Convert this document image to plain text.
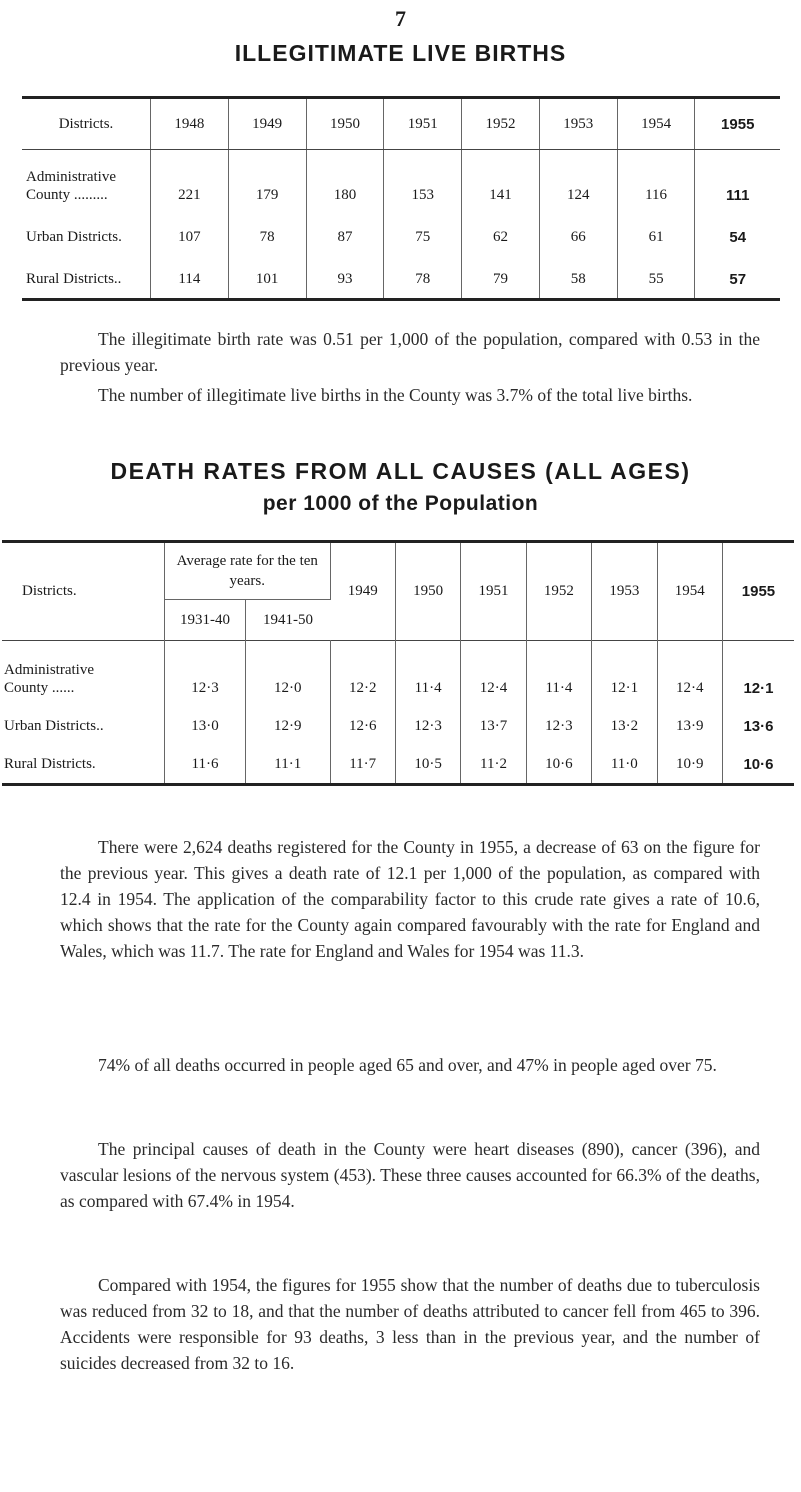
7
ILLEGITIMATE LIVE BIRTHS
Districts.	1948	1949	1950	1951	1952	1953	1954	1955
Administrative
County .........	221	179	180	153	141	124	116	111
Urban Districts.	107	78	87	75	62	66	61	54
Rural Districts..	114	101	93	78	79	58	55	57
The illegitimate birth rate was 0.51 per 1,000 of the population, compared with 0.53 in the previous year.
The number of illegitimate live births in the County was 3.7% of the total live births.
DEATH RATES FROM ALL CAUSES (ALL AGES)
per 1000 of the Population
Districts.	Average rate for the ten years.		1949	1950	1951	1952	1953	1954	1955
	1931-40	1941-50							
Administrative
County ......	12·3	12·0	12·2	11·4	12·4	11·4	12·1	12·4	12·1
Urban Districts..	13·0	12·9	12·6	12·3	13·7	12·3	13·2	13·9	13·6
Rural Districts.	11·6	11·1	11·7	10·5	11·2	10·6	11·0	10·9	10·6
There were 2,624 deaths registered for the County in 1955, a decrease of 63 on the figure for the previous year. This gives a death rate of 12.1 per 1,000 of the population, as compared with 12.4 in 1954. The application of the comparability factor to this crude rate gives a rate of 10.6, which shows that the rate for the County again compared favourably with the rate for England and Wales, which was 11.7. The rate for England and Wales for 1954 was 11.3.
74% of all deaths occurred in people aged 65 and over, and 47% in people aged over 75.
The principal causes of death in the County were heart diseases (890), cancer (396), and vascular lesions of the nervous system (453). These three causes accounted for 66.3% of the deaths, as compared with 67.4% in 1954.
Compared with 1954, the figures for 1955 show that the number of deaths due to tuberculosis was reduced from 32 to 18, and that the number of deaths attributed to cancer fell from 465 to 396. Accidents were responsible for 93 deaths, 3 less than in the previous year, and the number of suicides decreased from 32 to 16.
